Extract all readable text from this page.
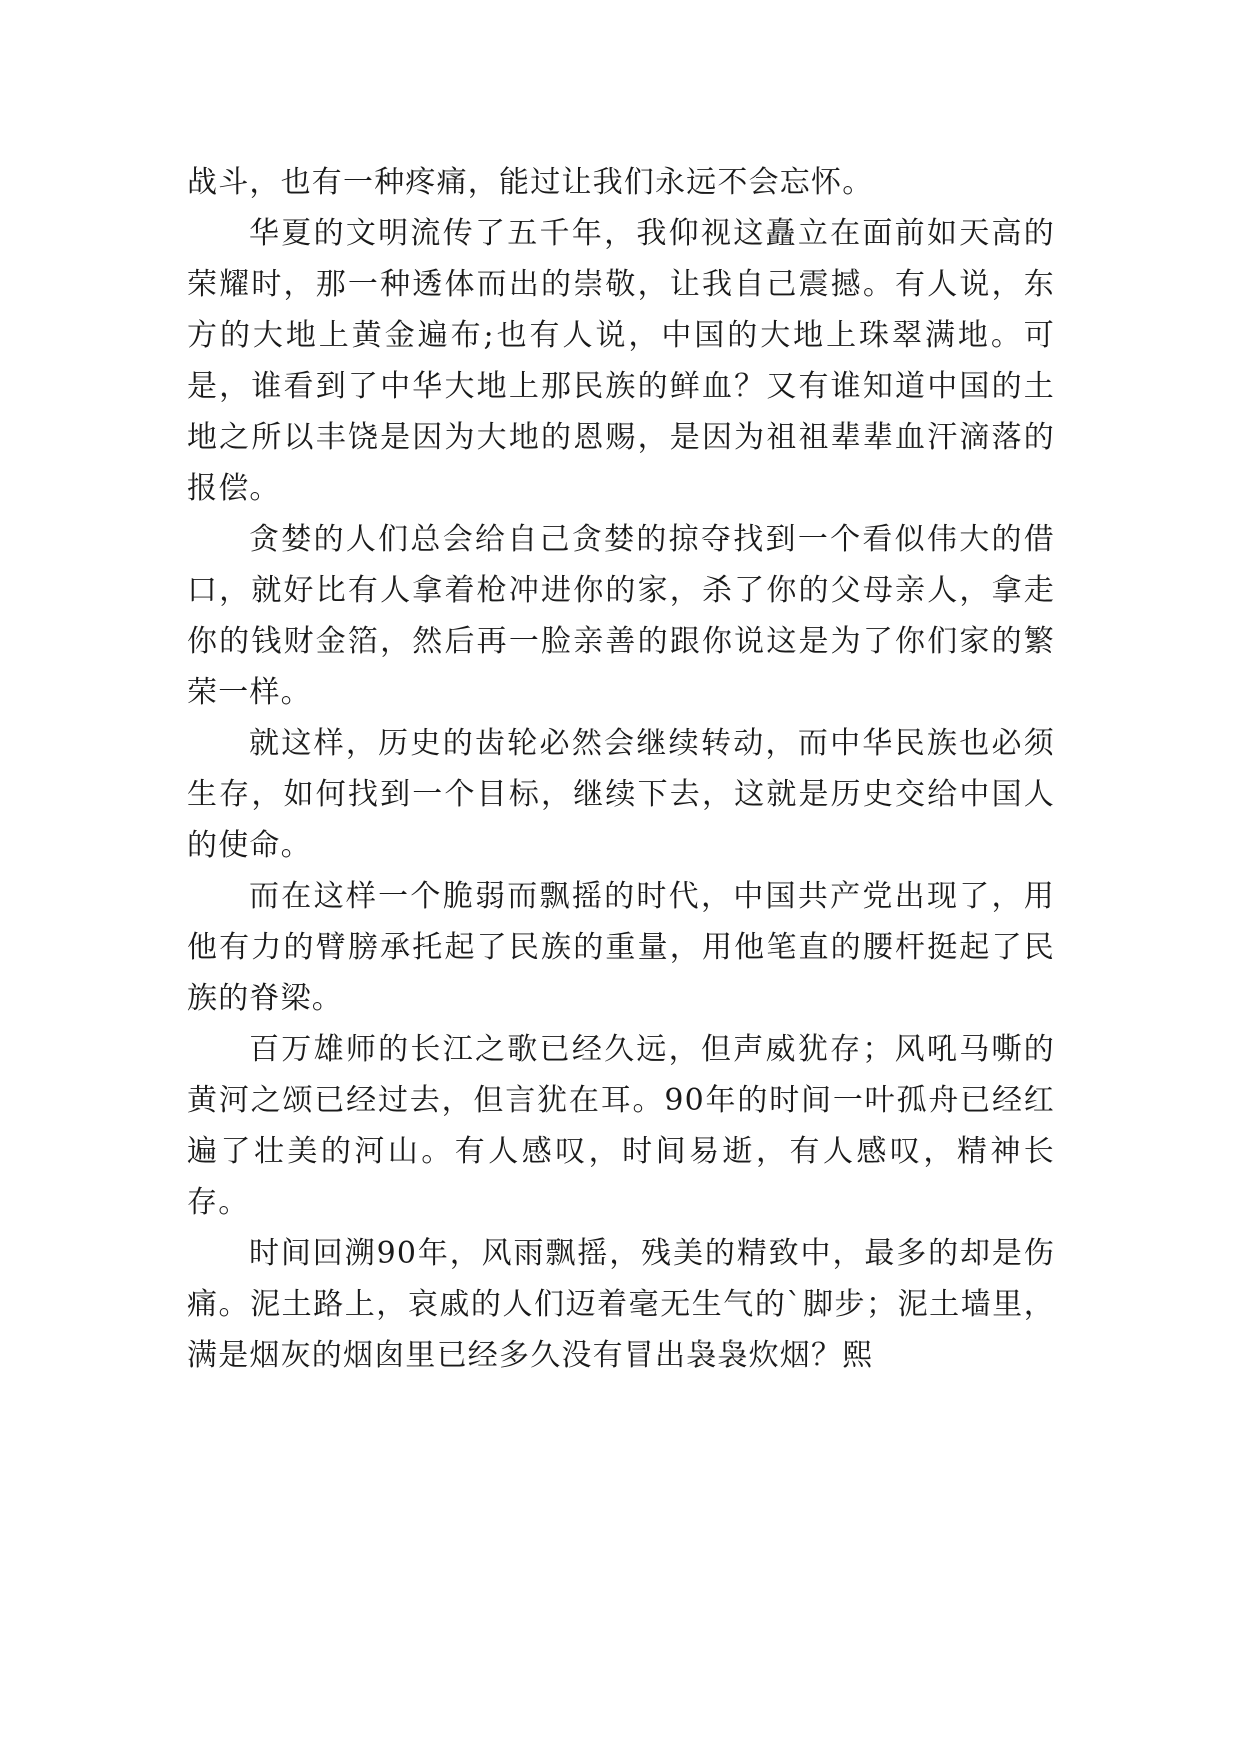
战斗，也有一种疼痛，能过让我们永远不会忘怀。

华夏的文明流传了五千年，我仰视这矗立在面前如天高的荣耀时，那一种透体而出的崇敬，让我自己震撼。有人说，东方的大地上黄金遍布;也有人说，中国的大地上珠翠满地。可是，谁看到了中华大地上那民族的鲜血？又有谁知道中国的土地之所以丰饶是因为大地的恩赐，是因为祖祖辈辈血汗滴落的报偿。

贪婪的人们总会给自己贪婪的掠夺找到一个看似伟大的借口，就好比有人拿着枪冲进你的家，杀了你的父母亲人，拿走你的钱财金箔，然后再一脸亲善的跟你说这是为了你们家的繁荣一样。

就这样，历史的齿轮必然会继续转动，而中华民族也必须生存，如何找到一个目标，继续下去，这就是历史交给中国人的使命。

而在这样一个脆弱而飘摇的时代，中国共产党出现了，用他有力的臂膀承托起了民族的重量，用他笔直的腰杆挺起了民族的脊梁。

百万雄师的长江之歌已经久远，但声威犹存；风吼马嘶的黄河之颂已经过去，但言犹在耳。90年的时间一叶孤舟已经红遍了壮美的河山。有人感叹，时间易逝，有人感叹，精神长存。

时间回溯90年，风雨飘摇，残美的精致中，最多的却是伤痛。泥土路上，哀戚的人们迈着毫无生气的`脚步；泥土墙里，满是烟灰的烟囱里已经多久没有冒出袅袅炊烟？熙
